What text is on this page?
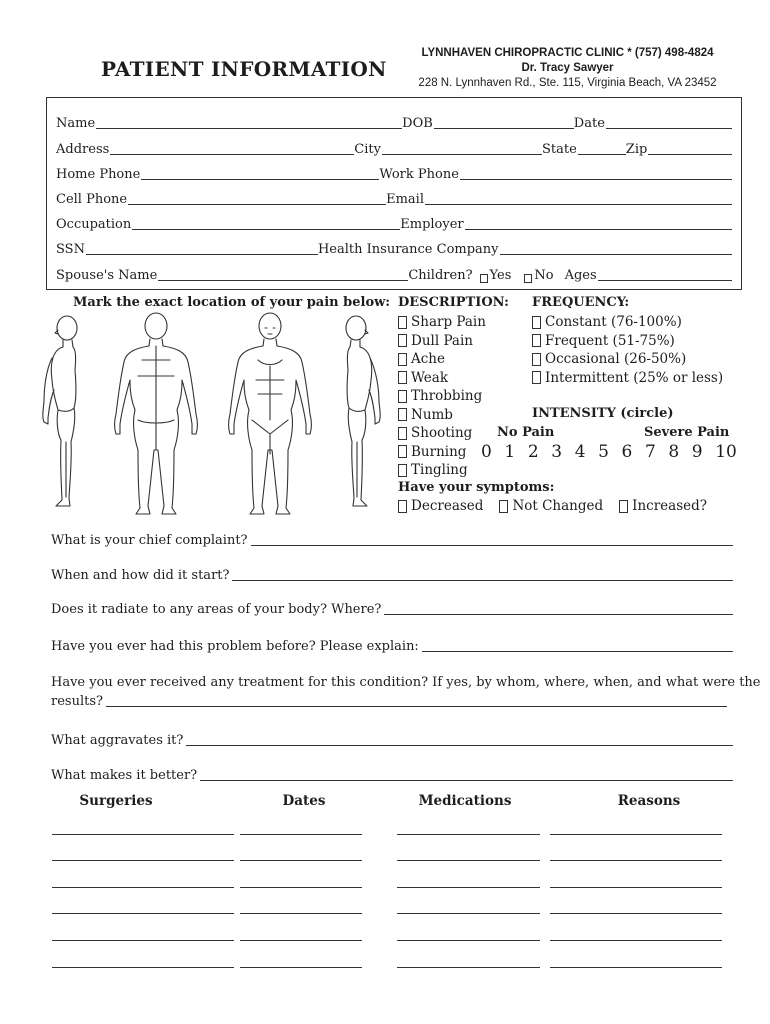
PATIENT INFORMATION
LYNNHAVEN CHIROPRACTIC CLINIC * (757) 498-4824
Dr. Tracy Sawyer
228 N. Lynnhaven Rd., Ste. 115, Virginia Beach, VA 23452
Name	DOB	Date
Address	City	State	Zip
Home Phone	Work Phone
Cell Phone	Email
Occupation	Employer
SSN	Health Insurance Company
Spouse's Name	Children? Yes No Ages
Mark the exact location of your pain below: DESCRIPTION:
Sharp Pain
Dull Pain
Ache
Weak
Throbbing
Numb
Shooting
Burning
Tingling
FREQUENCY:
Constant (76-100%)
Frequent (51-75%)
Occasional (26-50%)
Intermittent (25% or less)
INTENSITY (circle)
No Pain	Severe Pain
0 1 2 3 4 5 6 7 8 9 10
Have your symptoms:
Decreased Not Changed Increased?
What is your chief complaint?
When and how did it start?
Does it radiate to any areas of your body? Where?
Have you ever had this problem before? Please explain:
Have you ever received any treatment for this condition? If yes, by whom, where, when, and what were the
results?
What aggravates it?
What makes it better?
Surgeries	Dates	Medications	Reasons
